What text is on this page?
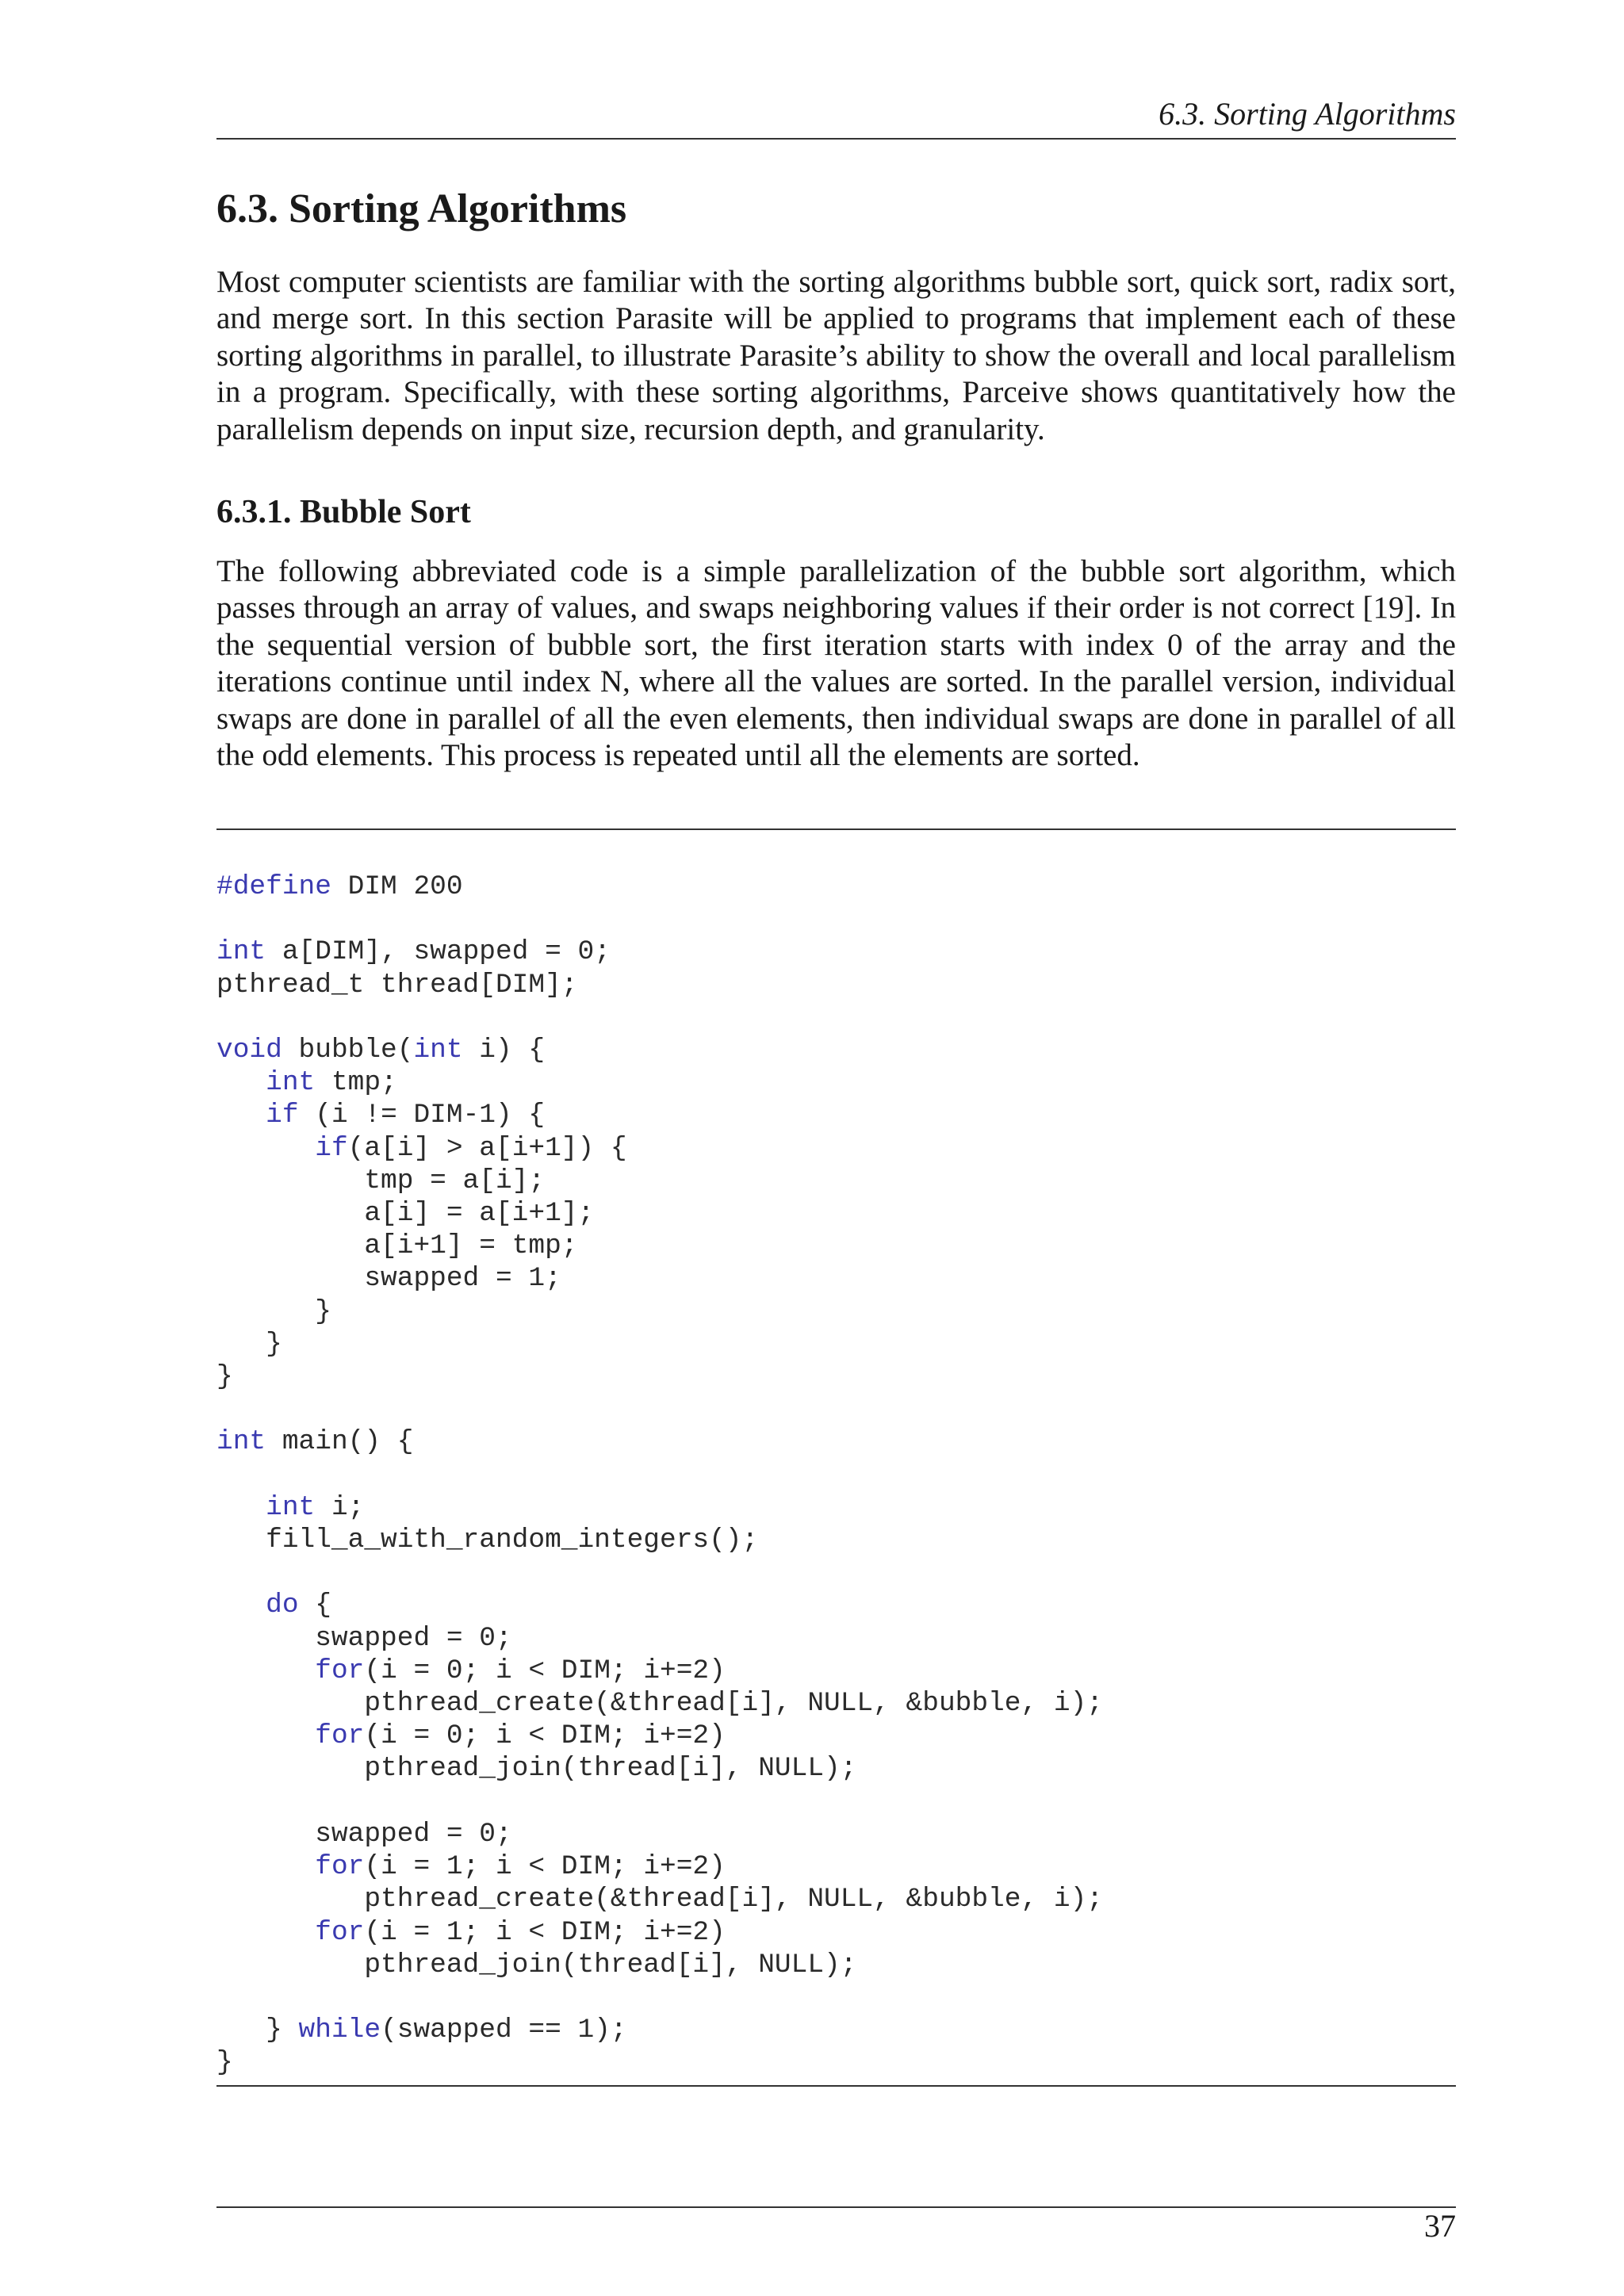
6.3. Sorting Algorithms
6.3. Sorting Algorithms

Most computer scientists are familiar with the sorting algorithms bubble sort, quick sort, radix sort, and merge sort. In this section Parasite will be applied to programs that implement each of these sorting algorithms in parallel, to illustrate Parasite’s ability to show the overall and local parallelism in a program. Specifically, with these sorting algorithms, Parceive shows quantitatively how the parallelism depends on input size, recursion depth, and granularity.

6.3.1. Bubble Sort

The following abbreviated code is a simple parallelization of the bubble sort algorithm, which passes through an array of values, and swaps neighboring values if their order is not correct [19]. In the sequential version of bubble sort, the first iteration starts with index 0 of the array and the iterations continue until index N, where all the values are sorted. In the parallel version, individual swaps are done in parallel of all the even elements, then individual swaps are done in parallel of all the odd elements. This process is repeated until all the elements are sorted.

#define DIM 200

int a[DIM], swapped = 0;
pthread_t thread[DIM];

void bubble(int i) {
int tmp;
if (i != DIM-1) {
if(a[i] > a[i+1]) {
tmp = a[i];
a[i] = a[i+1];
a[i+1] = tmp;
swapped = 1;
}
}
}

int main() {

int i;
fill_a_with_random_integers();

do {
swapped = 0;
for(i = 0; i < DIM; i+=2)
pthread_create(&thread[i], NULL, &bubble, i);
for(i = 0; i < DIM; i+=2)
pthread_join(thread[i], NULL);

swapped = 0;
for(i = 1; i < DIM; i+=2)
pthread_create(&thread[i], NULL, &bubble, i);
for(i = 1; i < DIM; i+=2)
pthread_join(thread[i], NULL);

} while(swapped == 1);
}

37
